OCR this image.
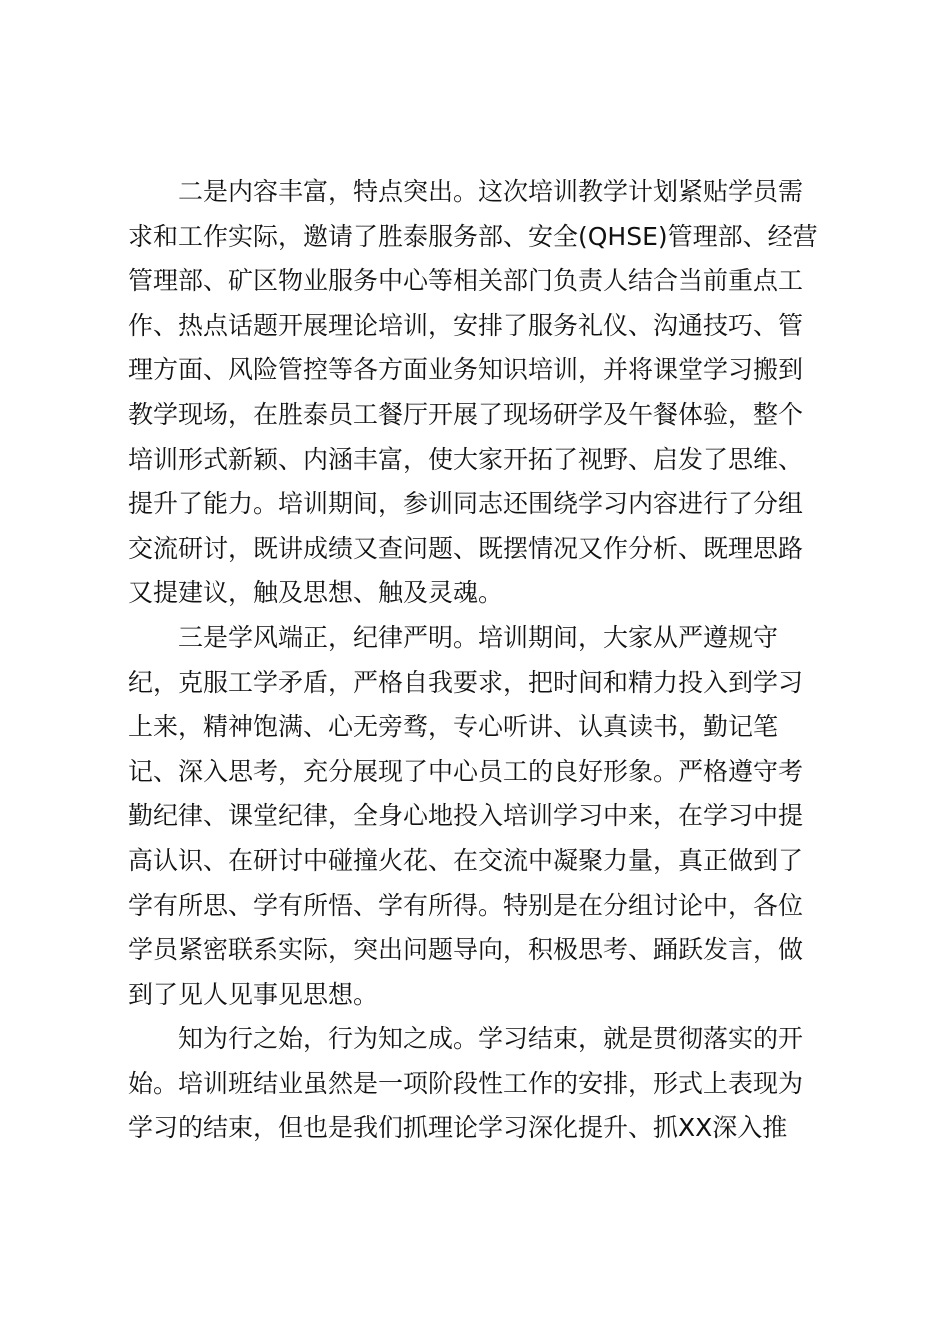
二是内容丰富，特点突出。这次培训教学计划紧贴学员需
求和工作实际，邀请了胜泰服务部、安全(QHSE)管理部、经营
管理部、矿区物业服务中心等相关部门负责人结合当前重点工
作、热点话题开展理论培训，安排了服务礼仪、沟通技巧、管
理方面、风险管控等各方面业务知识培训，并将课堂学习搬到
教学现场，在胜泰员工餐厅开展了现场研学及午餐体验，整个
培训形式新颖、内涵丰富，使大家开拓了视野、启发了思维、
提升了能力。培训期间，参训同志还围绕学习内容进行了分组
交流研讨，既讲成绩又查问题、既摆情况又作分析、既理思路
又提建议，触及思想、触及灵魂。
三是学风端正，纪律严明。培训期间，大家从严遵规守
纪，克服工学矛盾，严格自我要求，把时间和精力投入到学习
上来，精神饱满、心无旁骛，专心听讲、认真读书，勤记笔
记、深入思考，充分展现了中心员工的良好形象。严格遵守考
勤纪律、课堂纪律，全身心地投入培训学习中来，在学习中提
高认识、在研讨中碰撞火花、在交流中凝聚力量，真正做到了
学有所思、学有所悟、学有所得。特别是在分组讨论中，各位
学员紧密联系实际，突出问题导向，积极思考、踊跃发言，做
到了见人见事见思想。
知为行之始，行为知之成。学习结束，就是贯彻落实的开
始。培训班结业虽然是一项阶段性工作的安排，形式上表现为
学习的结束，但也是我们抓理论学习深化提升、抓XX深入推
